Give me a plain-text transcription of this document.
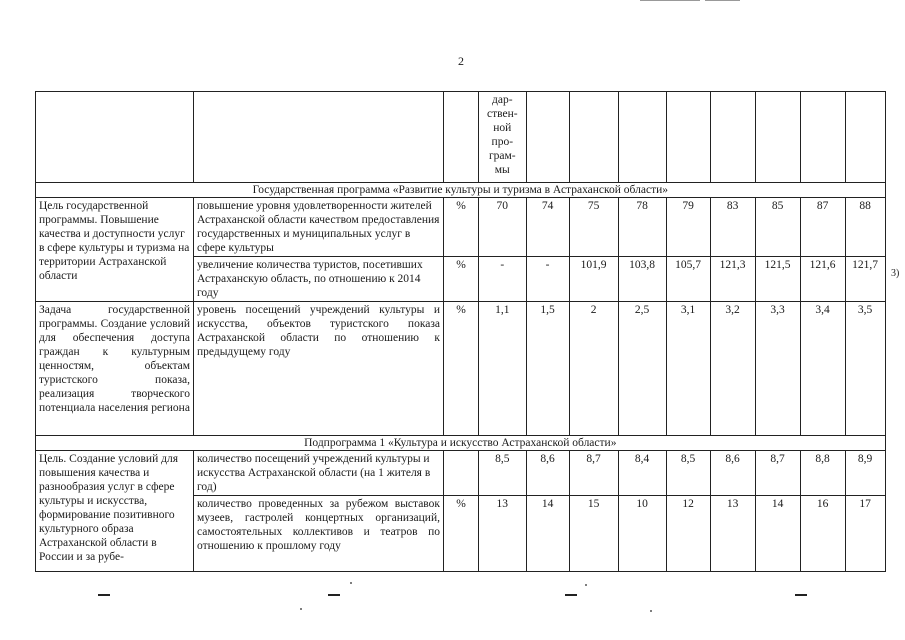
2
			дар-ствен-ной про-грам-мы								
Государственная программа «Развитие культуры и туризма в Астраханской области»											
Цель государственной программы. Повышение качества и доступности услуг в сфере культуры и туризма на территории Астраханской области	повышение уровня удовлетворенности жителей Астраханской области качеством предоставления государственных и муниципальных услуг в сфере культуры	%	70	74	75	78	79	83	85	87	88
	увеличение количества туристов, посетивших Астраханскую область, по отношению к 2014 году	%	-	-	101,9	103,8	105,7	121,3	121,5	121,6	121,7
Задача государственной программы. Создание условий для обеспечения доступа граждан к культурным ценностям, объектам туристского показа, реализация творческого потенциала населения региона	уровень посещений учреждений культуры и искусства, объектов туристского показа Астраханской области по отношению к предыдущему году	%	1,1	1,5	2	2,5	3,1	3,2	3,3	3,4	3,5
Подпрограмма 1 «Культура и искусство Астраханской области»											
Цель. Создание условий для повышения качества и разнообразия услуг в сфере культуры и искусства, формирование позитивного культурного образа Астраханской области в России и за рубе-	количество посещений учреждений культуры и искусства Астраханской области (на 1 жителя в год)		8,5	8,6	8,7	8,4	8,5	8,6	8,7	8,8	8,9
	количество проведенных за рубежом выставок музеев, гастролей концертных организаций, самостоятельных коллективов и театров по отношению к прошлому году	%	13	14	15	10	12	13	14	16	17
3)
